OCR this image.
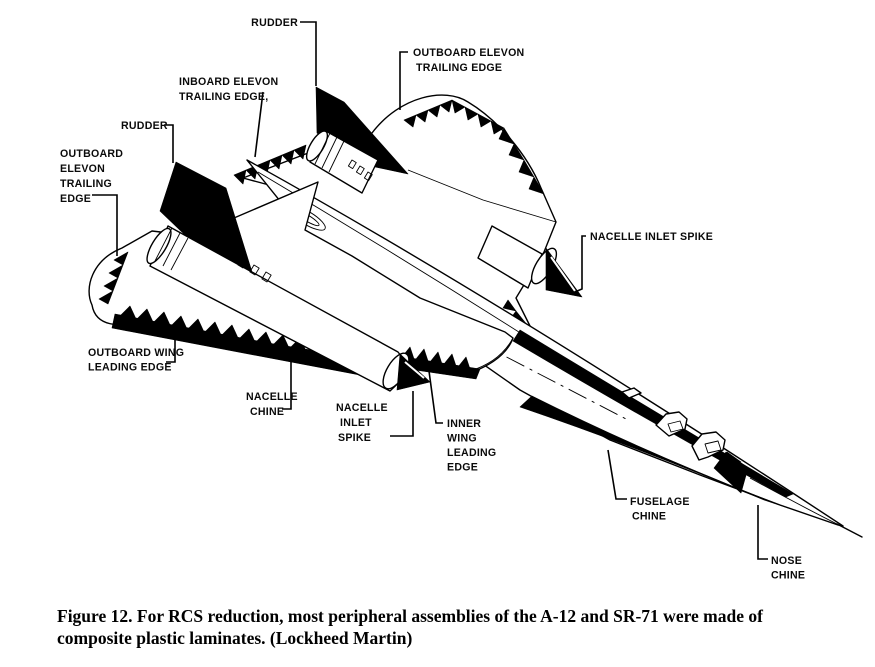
RUDDER
OUTBOARD ELEVON TRAILING EDGE
INBOARD ELEVON TRAILING EDGE,
RUDDER
OUTBOARD ELEVON TRAILING EDGE
OUTBOARD WING LEADING EDGE
NACELLE CHINE	NACELLE INLET SPIKE
INNER WING LEADING EDGE
NACELLE INLET SPIKE
FUSELAGE CHINE
NOSE CHINE
Figure 12. For RCS reduction, most peripheral assemblies of the A-12 and SR-71 were made of
composite plastic laminates. (Lockheed Martin)
